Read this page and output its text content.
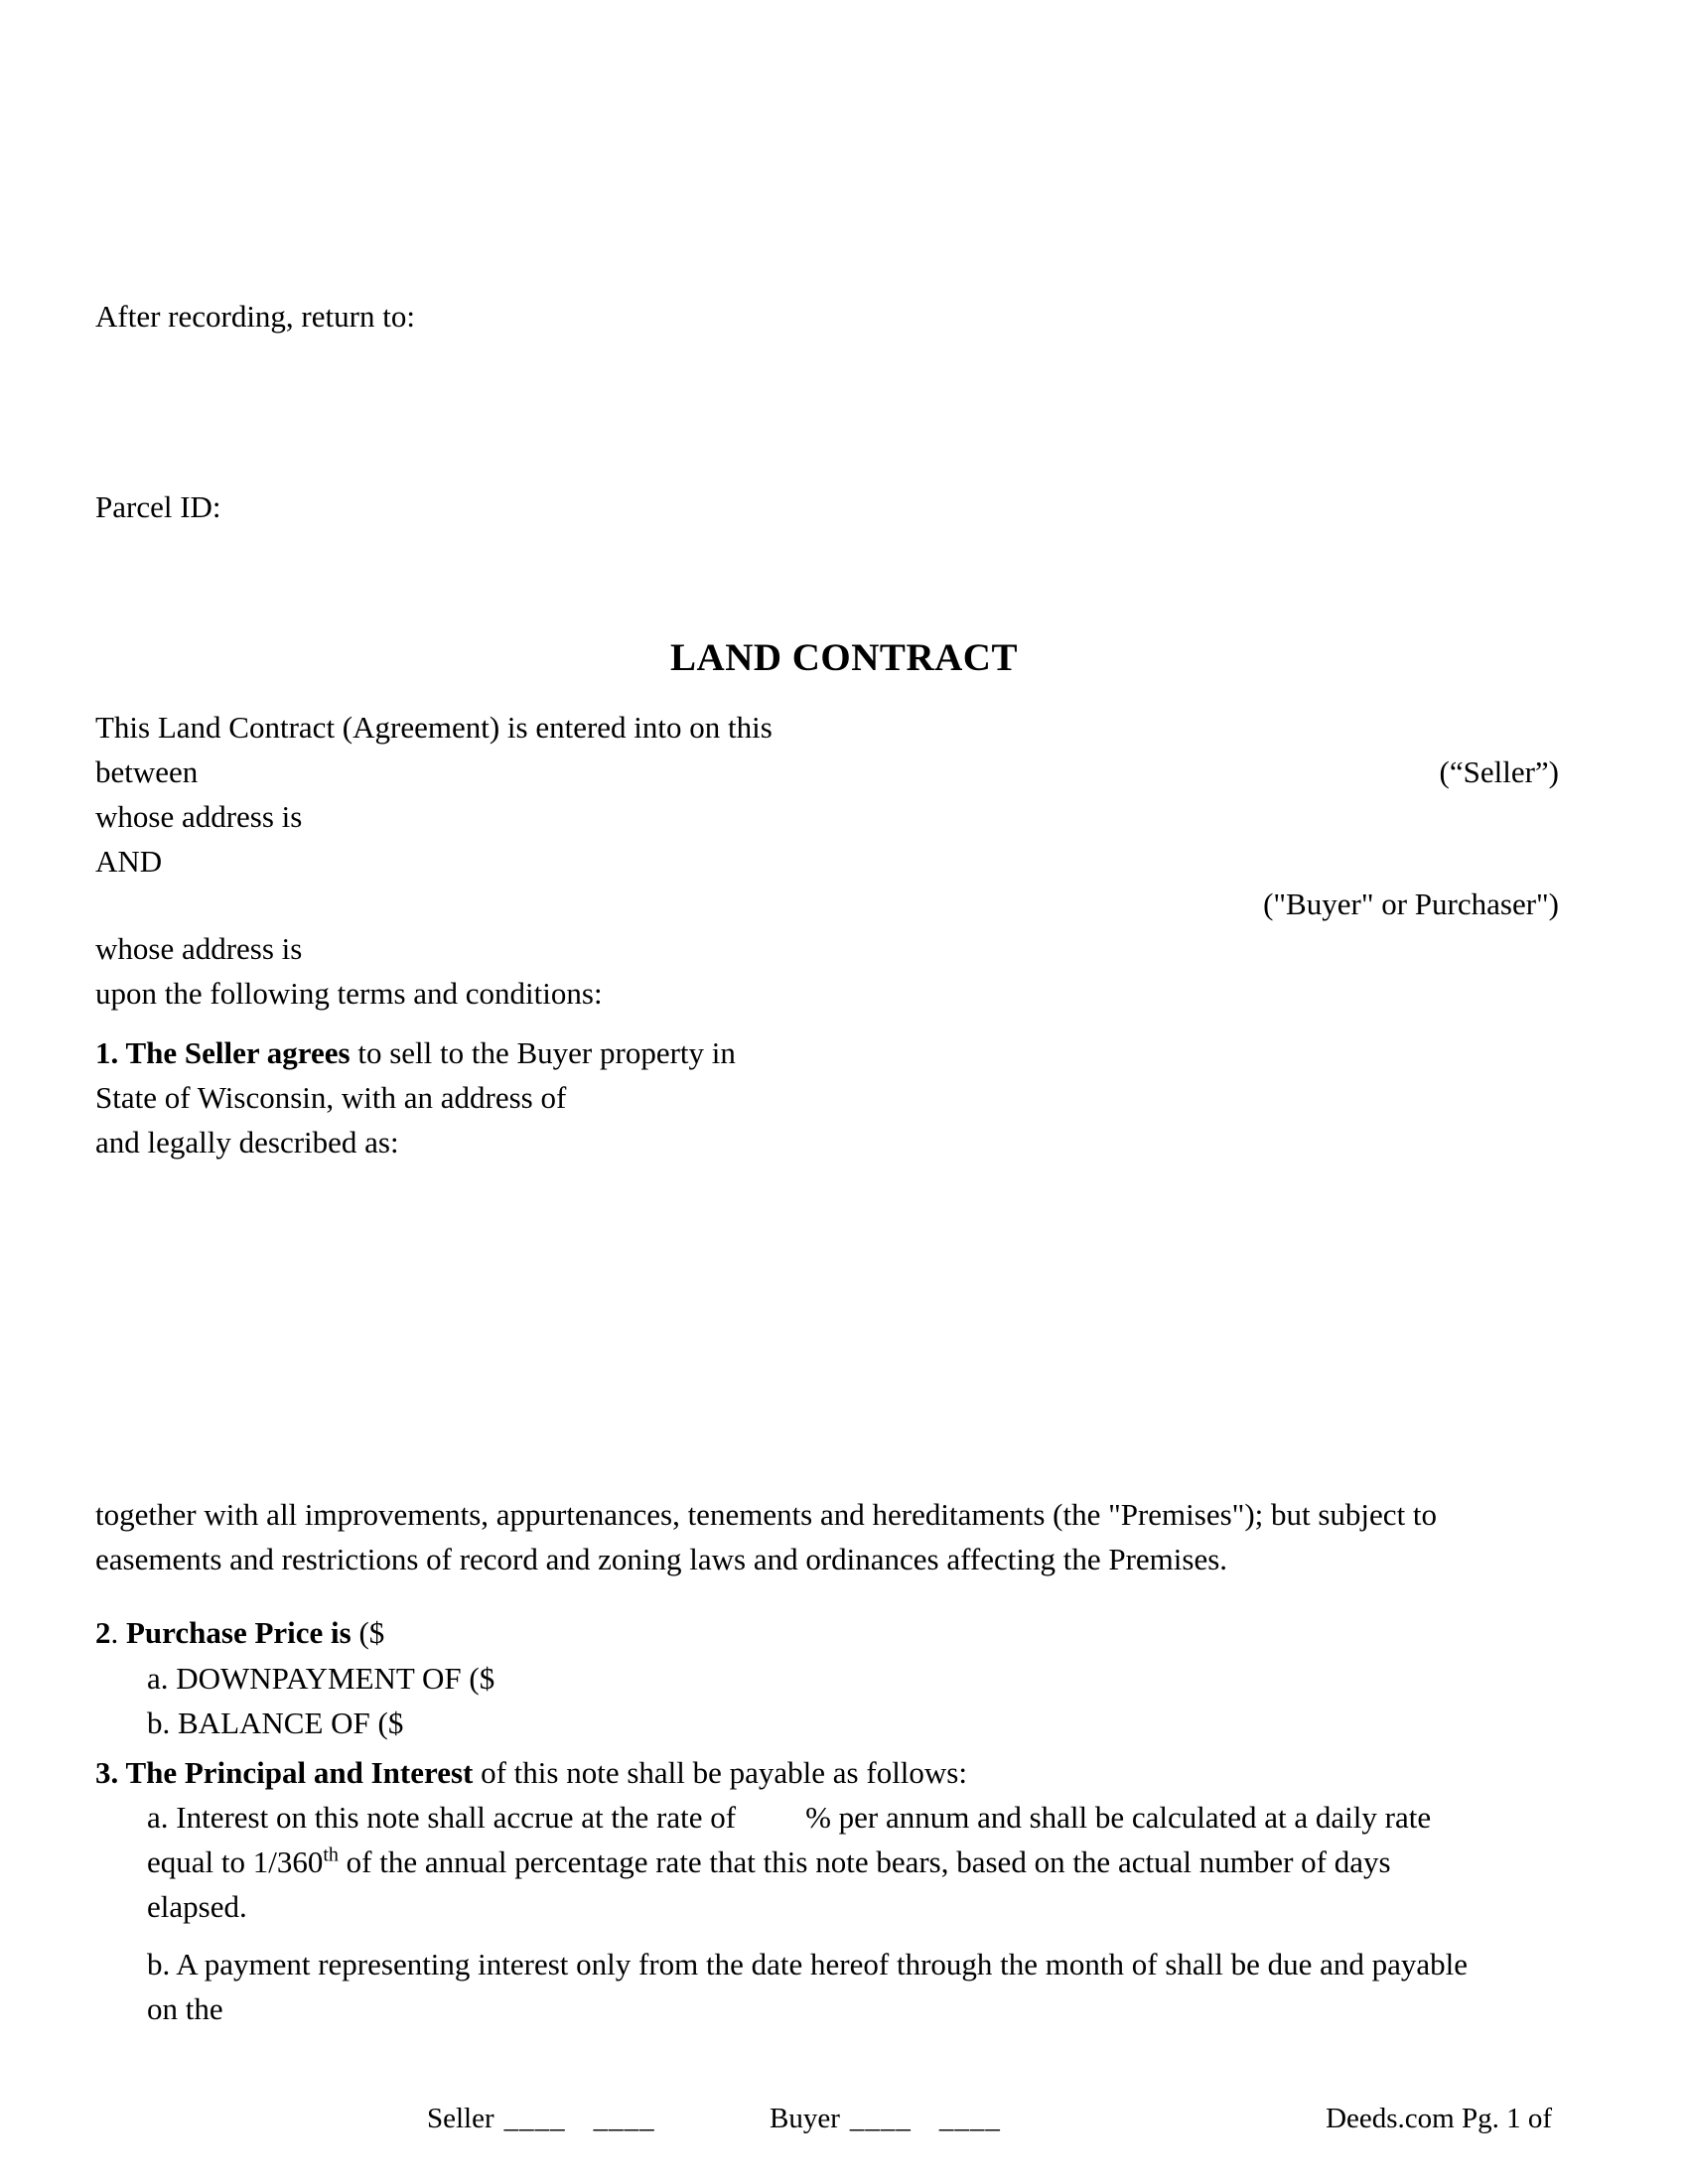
After recording, return to:
Parcel ID:
LAND CONTRACT
This Land Contract (Agreement) is entered into on this
between	(“Seller”)
whose address is
AND
("Buyer" or Purchaser")
whose address is
upon the following terms and conditions:
1. The Seller agrees to sell to the Buyer property in
State of Wisconsin, with an address of
and legally described as:
together with all improvements, appurtenances, tenements and hereditaments (the "Premises"); but subject to
easements and restrictions of record and zoning laws and ordinances affecting the Premises.
2. Purchase Price is ($
a. DOWNPAYMENT OF ($
b. BALANCE OF ($
3. The Principal and Interest of this note shall be payable as follows:
a. Interest on this note shall accrue at the rate of % per annum and shall be calculated at a daily rate
equal to 1/360th of the annual percentage rate that this note bears, based on the actual number of days
elapsed.
b. A payment representing interest only from the date hereof through the month of shall be due and payable
on the
Seller ____ ____	Buyer ____ ____	Deeds.com Pg. 1 of
